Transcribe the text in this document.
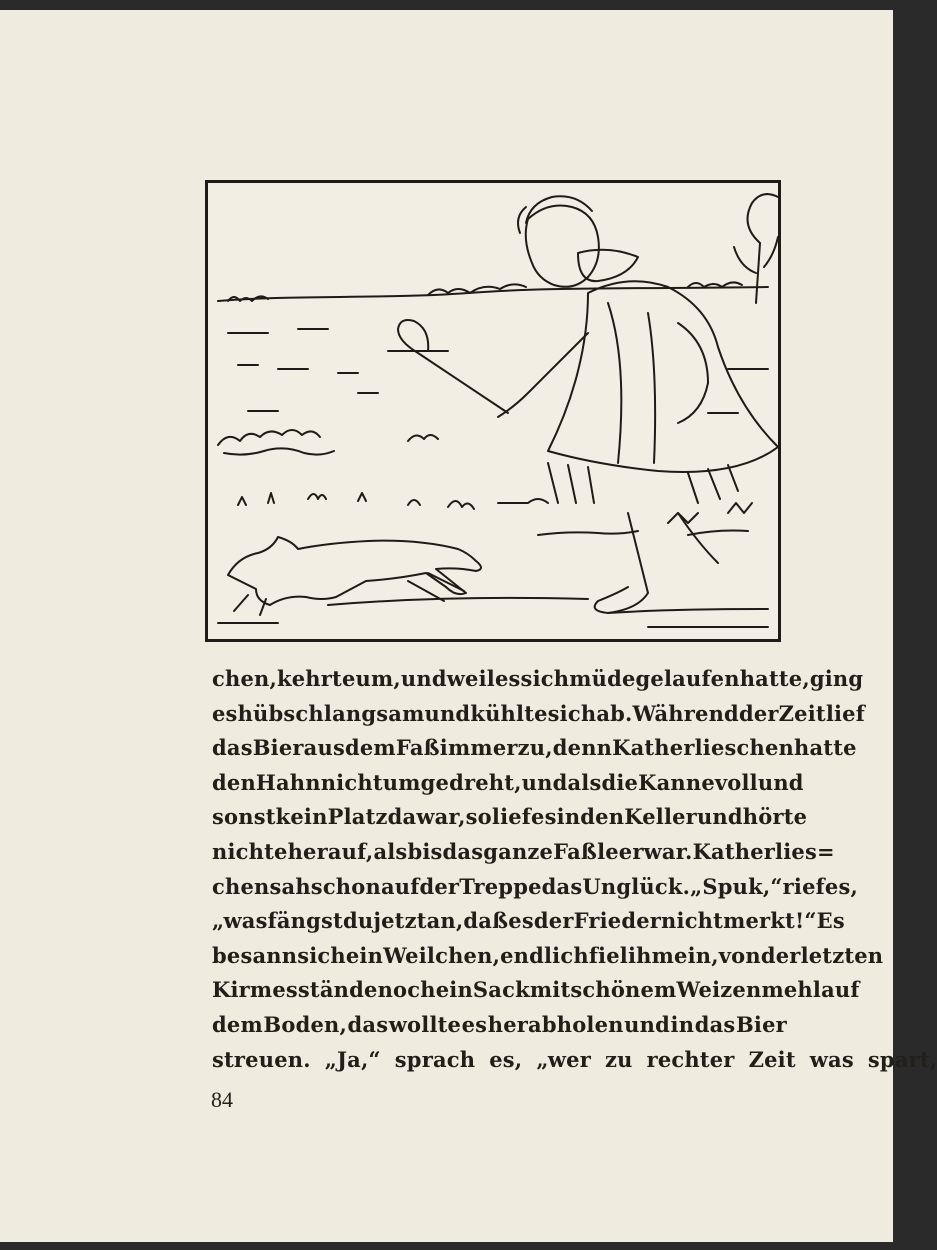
chen, kehrte um, und weil es sich müde gelaufen hatte, ging
es hübsch langsam und kühlte sich ab. Während der Zeit lief
das Bier aus dem Faß immerzu, denn Katherlieschen hatte
den Hahn nicht umgedreht, und als die Kanne voll und
sonst kein Platz da war, so lief es in den Keller und hörte
nicht eher auf, als bis das ganze Faß leer war. Katherlies=
chen sah schon auf der Treppe das Unglück. „Spuk,“ rief es,
„was fängst du jetzt an, daß es der Frieder nicht merkt!“ Es
besann sich ein Weilchen, endlich fiel ihm ein, von der letzten
Kirmes stände noch ein Sack mit schönem Weizenmehl auf
dem Boden, das wollte es herabholen und in das Bier
streuen. „Ja,“ sprach es, „wer zu rechter Zeit was spart,
84
